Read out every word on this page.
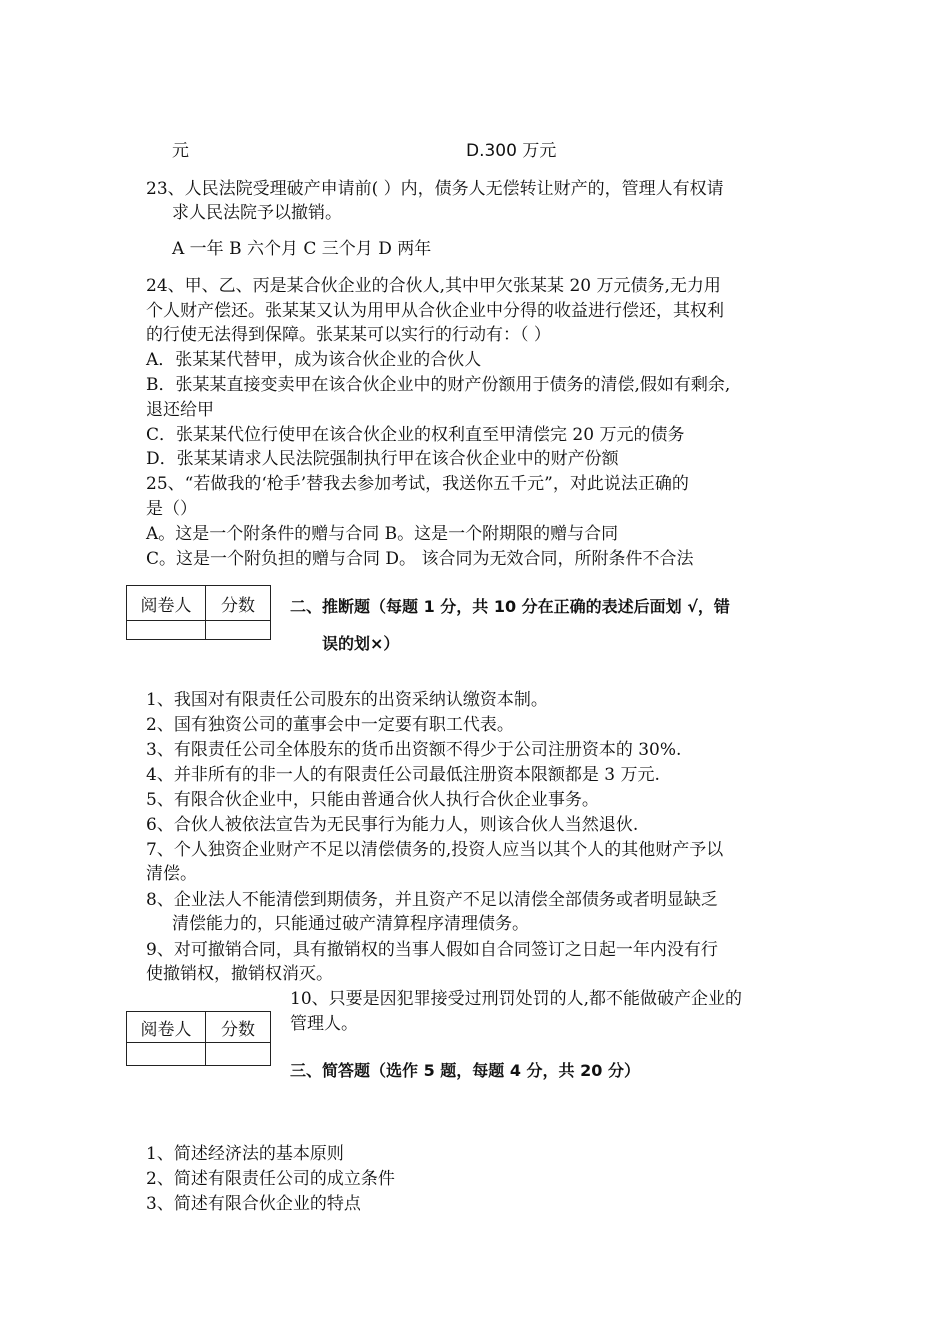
元	D.300 万元
23、人民法院受理破产申请前( ）内，债务人无偿转让财产的，管理人有权请
求人民法院予以撤销。
A 一年 B 六个月 C 三个月 D 两年
24、甲、乙、丙是某合伙企业的合伙人,其中甲欠张某某 20 万元债务,无力用
个人财产偿还。张某某又认为用甲从合伙企业中分得的收益进行偿还，其权利
的行使无法得到保障。张某某可以实行的行动有：（ ）
A．张某某代替甲，成为该合伙企业的合伙人
B．张某某直接变卖甲在该合伙企业中的财产份额用于债务的清偿,假如有剩余,
退还给甲
C．张某某代位行使甲在该合伙企业的权利直至甲清偿完 20 万元的债务
D．张某某请求人民法院强制执行甲在该合伙企业中的财产份额
25、“若做我的‘枪手’替我去参加考试，我送你五千元”，对此说法正确的
是（）
A。这是一个附条件的赠与合同 B。这是一个附期限的赠与合同
C。这是一个附负担的赠与合同 D。 该合同为无效合同，所附条件不合法
阅卷人	分数
	二、推断题（每题 1 分，共 10 分在正确的表述后面划 √，错
误的划×）
1、我国对有限责任公司股东的出资采纳认缴资本制。
2、国有独资公司的董事会中一定要有职工代表。
3、有限责任公司全体股东的货币出资额不得少于公司注册资本的 30%.
4、并非所有的非一人的有限责任公司最低注册资本限额都是 3 万元.
5、有限合伙企业中，只能由普通合伙人执行合伙企业事务。
6、合伙人被依法宣告为无民事行为能力人，则该合伙人当然退伙.
7、个人独资企业财产不足以清偿债务的,投资人应当以其个人的其他财产予以
清偿。
8、企业法人不能清偿到期债务，并且资产不足以清偿全部债务或者明显缺乏
清偿能力的，只能通过破产清算程序清理债务。
9、对可撤销合同，具有撤销权的当事人假如自合同签订之日起一年内没有行
使撤销权，撤销权消灭。
10、只要是因犯罪接受过刑罚处罚的人,都不能做破产企业的
管理人。
阅卷人	分数

三、简答题（选作 5 题，每题 4 分，共 20 分）
1、简述经济法的基本原则
2、简述有限责任公司的成立条件
3、简述有限合伙企业的特点
